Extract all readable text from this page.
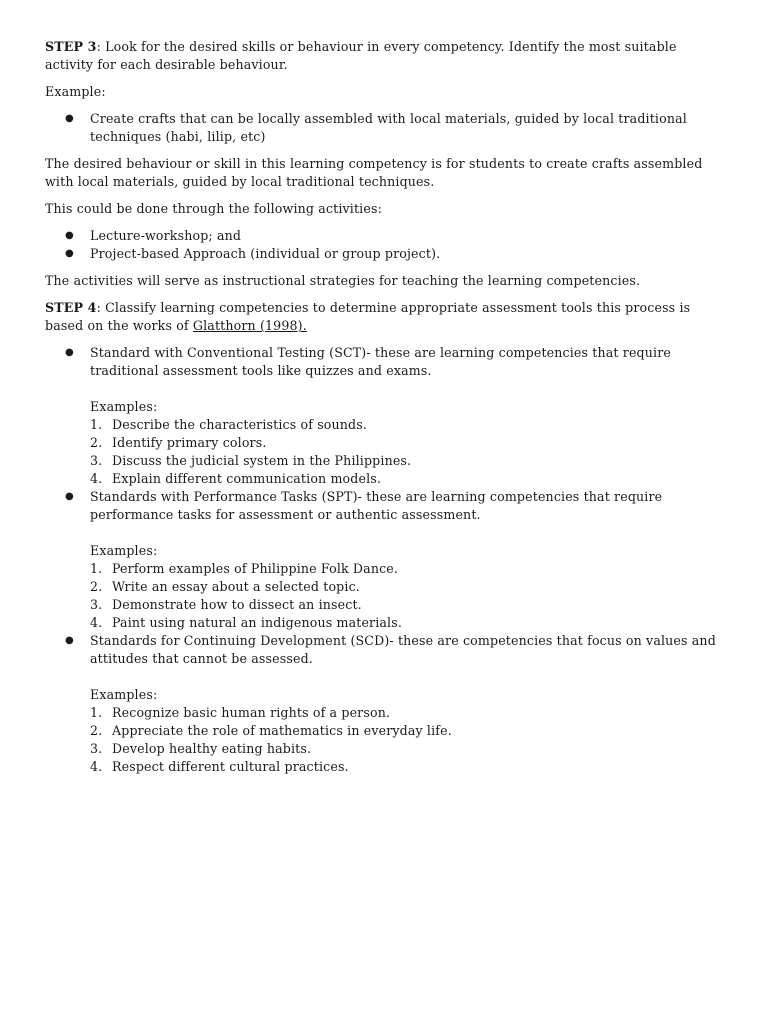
STEP 3: Look for the desired skills or behaviour in every competency. Identify the most suitable activity for each desirable behaviour.

Example:

● Create crafts that can be locally assembled with local materials, guided by local traditional techniques (habi, lilip, etc)

The desired behaviour or skill in this learning competency is for students to create crafts assembled with local materials, guided by local traditional techniques.

This could be done through the following activities:

● Lecture-workshop; and
● Project-based Approach (individual or group project).

The activities will serve as instructional strategies for teaching the learning competencies.

STEP 4: Classify learning competencies to determine appropriate assessment tools this process is based on the works of Glatthorn (1998).

● Standard with Conventional Testing (SCT)- these are learning competencies that require traditional assessment tools like quizzes and exams.
Examples:
1. Describe the characteristics of sounds.
2. Identify primary colors.
3. Discuss the judicial system in the Philippines.
4. Explain different communication models.
● Standards with Performance Tasks (SPT)- these are learning competencies that require performance tasks for assessment or authentic assessment.
Examples:
1. Perform examples of Philippine Folk Dance.
2. Write an essay about a selected topic.
3. Demonstrate how to dissect an insect.
4. Paint using natural an indigenous materials.
● Standards for Continuing Development (SCD)- these are competencies that focus on values and attitudes that cannot be assessed.
Examples:
1. Recognize basic human rights of a person.
2. Appreciate the role of mathematics in everyday life.
3. Develop healthy eating habits.
4. Respect different cultural practices.
